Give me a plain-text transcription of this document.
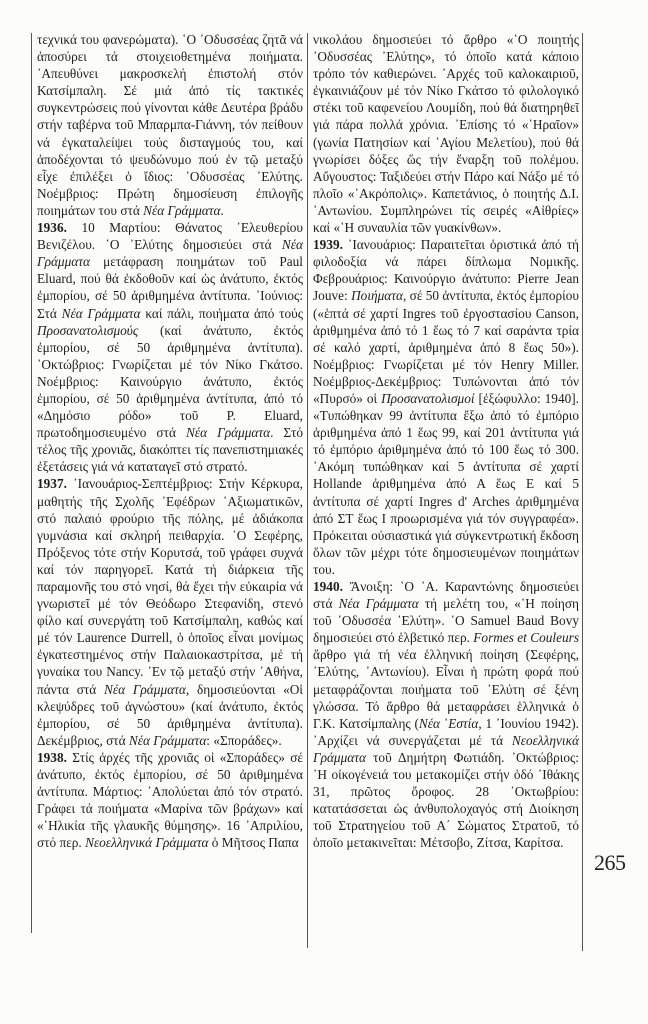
τεχνικά του φανερώματα). ῾Ο ᾿Οδυσσέας ζητᾶ νά ἀποσύρει τά στοιχειοθετημένα ποιήματα. ᾿Απευθύνει μακροσκελή ἐπιστολή στόν Κατσίμπαλη. Σέ μιά ἀπό τίς τακτικές συγκεντρώσεις πού γίνονται κάθε Δευτέρα βράδυ στήν ταβέρνα τοῦ Μπαρμπα-Γιάννη, τόν πείθουν νά ἐγκαταλείψει τούς δισταγμούς του, καί ἀποδέχονται τό ψευδώνυμο πού ἐν τῷ μεταξύ εἶχε ἐπιλέξει ὁ ἴδιος: ᾿Οδυσσέας ᾿Ελύτης. Νοέμβριος: Πρώτη δημοσίευση ἐπιλογῆς ποιημάτων του στά Νέα Γράμματα.

1936. 10 Μαρτίου: Θάνατος ᾿Ελευθερίου Βενιζέλου. ῾Ο ᾿Ελύτης δημοσιεύει στά Νέα Γράμματα μετάφραση ποιημάτων τοῦ Paul Eluard, πού θά ἐκδοθοῦν καί ὡς ἀνάτυπο, ἐκτός ἐμπορίου, σέ 50 ἀριθμημένα ἀντίτυπα. ᾿Ιούνιος: Στά Νέα Γράμματα καί πάλι, ποιήματα ἀπό τούς Προσανατολισμούς (καί ἀνάτυπο, ἐκτός ἐμπορίου, σέ 50 ἀριθμημένα ἀντίτυπα). ᾿Οκτώβριος: Γνωρίζεται μέ τόν Νίκο Γκάτσο. Νοέμβριος: Καινούργιο ἀνάτυπο, ἐκτός ἐμπορίου, σέ 50 ἀριθμημένα ἀντίτυπα, ἀπό τό «Δημόσιο ρόδο» τοῦ P. Eluard, πρωτοδημοσιευμένο στά Νέα Γράμματα. Στό τέλος τῆς χρονιᾶς, διακόπτει τίς πανεπιστημιακές ἐξετάσεις γιά νά καταταγεῖ στό στρατό.

1937. ᾿Ιανουάριος-Σεπτέμβριος: Στήν Κέρκυρα, μαθητής τῆς Σχολῆς ᾿Εφέδρων ᾿Αξιωματικῶν, στό παλαιό φρούριο τῆς πόλης, μέ ἀδιάκοπα γυμνάσια καί σκληρή πειθαρχία. ῾Ο Σεφέρης, Πρόξενος τότε στήν Κορυτσά, τοῦ γράφει συχνά καί τόν παρηγορεῖ. Κατά τή διάρκεια τῆς παραμονῆς του στό νησί, θά ἔχει τήν εὐκαιρία νά γνωριστεῖ μέ τόν Θεόδωρο Στεφανίδη, στενό φίλο καί συνεργάτη τοῦ Κατσίμπαλη, καθώς καί μέ τόν Laurence Durrell, ὁ ὁποῖος εἶναι μονίμως ἐγκατεστημένος στήν Παλαιοκαστρίτσα, μέ τή γυναίκα του Nancy. ᾿Εν τῷ μεταξύ στήν ᾿Αθήνα, πάντα στά Νέα Γράμματα, δημοσιεύονται «Οἱ κλεψύδρες τοῦ ἀγνώστου» (καί ἀνάτυπο, ἐκτός ἐμπορίου, σέ 50 ἀριθμημένα ἀντίτυπα). Δεκέμβριος, στά Νέα Γράμματα: «Σποράδες».

1938. Στίς ἀρχές τῆς χρονιᾶς οἱ «Σποράδες» σέ ἀνάτυπο, ἐκτός ἐμπορίου, σέ 50 ἀριθμημένα ἀντίτυπα. Μάρτιος: ᾿Απολύεται ἀπό τόν στρατό. Γράφει τά ποιήματα «Μαρίνα τῶν βράχων» καί «῾Ηλικία τῆς γλαυκῆς θύμησης». 16 ᾿Απριλίου, στό περ. Νεοελληνικά Γράμματα ὁ Μῆτσος Παπα

νικολάου δημοσιεύει τό ἄρθρο «῾Ο ποιητής ᾿Οδυσσέας ᾿Ελύτης», τό ὁποῖο κατά κάποιο τρόπο τόν καθιερώνει. ᾿Αρχές τοῦ καλοκαιριοῦ, ἐγκαινιάζουν μέ τόν Νίκο Γκάτσο τό φιλολογικό στέκι τοῦ καφενείου Λουμίδη, πού θά διατηρηθεῖ γιά πάρα πολλά χρόνια. ᾿Επίσης τό «῾Ηραῖον» (γωνία Πατησίων καί ῾Αγίου Μελετίου), πού θά γνωρίσει δόξες ὥς τήν ἔναρξη τοῦ πολέμου. Αὔγουστος: Ταξιδεύει στήν Πάρο καί Νάξο μέ τό πλοῖο «᾿Ακρόπολις». Καπετάνιος, ὁ ποιητής Δ.Ι. ᾿Αντωνίου. Συμπληρώνει τίς σειρές «Αἰθρίες» καί «῾Η συναυλία τῶν γυακίνθων».

1939. ᾿Ιανουάριος: Παραιτεῖται ὁριστικά ἀπό τή φιλοδοξία νά πάρει δίπλωμα Νομικῆς. Φεβρουάριος: Καινούργιο ἀνάτυπο: Pierre Jean Jouve: Ποιήματα, σέ 50 ἀντίτυπα, ἐκτός ἐμπορίου («ἑπτά σέ χαρτί Ingres τοῦ ἐργοστασίου Canson, ἀριθμημένα ἀπό τό 1 ἕως τό 7 καί σαράντα τρία σέ καλό χαρτί, ἀριθμημένα ἀπό 8 ἕως 50»). Νοέμβριος: Γνωρίζεται μέ τόν Henry Miller. Νοέμβριος-Δεκέμβριος: Τυπώνονται ἀπό τόν «Πυρσό» οἱ Προσανατολισμοί [ἐξώφυλλο: 1940]. «Τυπώθηκαν 99 ἀντίτυπα ἔξω ἀπό τό ἐμπόριο ἀριθμημένα ἀπό 1 ἕως 99, καί 201 ἀντίτυπα γιά τό ἐμπόριο ἀριθμημένα ἀπό τό 100 ἕως τό 300. ᾿Ακόμη τυπώθηκαν καί 5 ἀντίτυπα σέ χαρτί Hollande ἀριθμημένα ἀπό Α ἕως Ε καί 5 ἀντίτυπα σέ χαρτί Ingres d' Arches ἀριθμημένα ἀπό ΣΤ ἕως Ι προωρισμένα γιά τόν συγγραφέα». Πρόκειται οὐσιαστικά γιά σύγκεντρωτική ἔκδοση ὅλων τῶν μέχρι τότε δημοσιευμένων ποιημάτων του.

1940. Ἄνοιξη: ῾Ο ᾿Α. Καραντώνης δημοσιεύει στά Νέα Γράμματα τή μελέτη του, «῾Η ποίηση τοῦ ᾿Οδυσσέα ᾿Ελύτη». ῾Ο Samuel Baud Bovy δημοσιεύει στό ἑλβετικό περ. Formes et Couleurs ἄρθρο γιά τή νέα ἑλληνική ποίηση (Σεφέρης, ᾿Ελύτης, ᾿Αντωνίου). Εἶναι ἡ πρώτη φορά πού μεταφράζονται ποιήματα τοῦ ᾿Ελύτη σέ ξένη γλώσσα. Τό ἄρθρο θά μεταφράσει ἑλληνικά ὁ Γ.Κ. Κατσίμπαλης (Νέα ῾Εστία, 1 ᾿Ιουνίου 1942). ᾿Αρχίζει νά συνεργάζεται μέ τά Νεοελληνικά Γράμματα τοῦ Δημήτρη Φωτιάδη. ᾿Οκτώβριος: ῾Η οἰκογένειά του μετακομίζει στήν ὁδό ᾿Ιθάκης 31, πρῶτος ὄροφος. 28 ᾿Οκτωβρίου: κατατάσσεται ὡς ἀνθυπολοχαγός στή Διοίκηση τοῦ Στρατηγείου τοῦ Α΄ Σώματος Στρατοῦ, τό ὁποῖο μετακινεῖται: Μέτσοβο, Ζίτσα, Καρίτσα.

265
